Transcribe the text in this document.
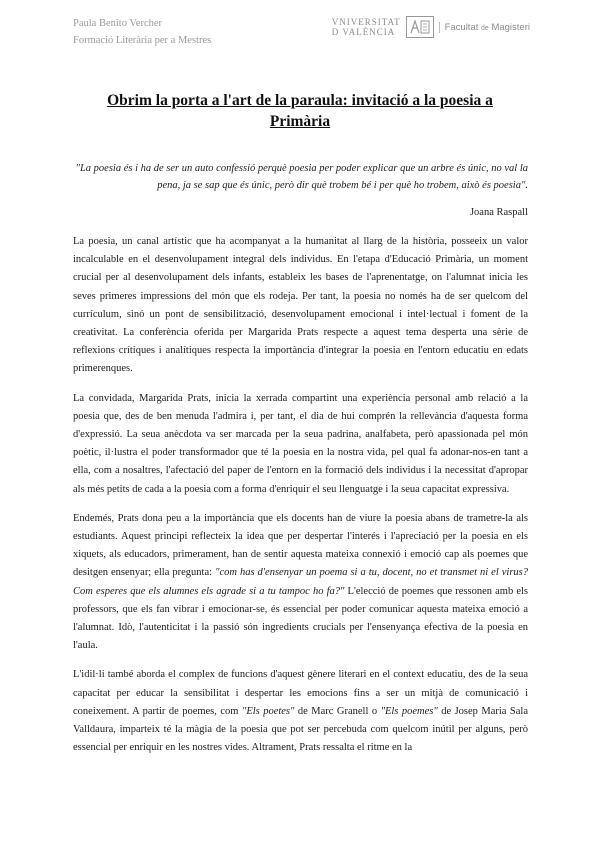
Paula Benito Vercher
Formació Literària per a Mestres
VNIVERSITAT
D VALÈNCIA	Facultat de Magisteri
Obrim la porta a l'art de la paraula: invitació a la poesia a Primària
"La poesia és i ha de ser un auto confessió perquè poesia per poder explicar que un arbre és únic, no val la pena, ja se sap que és únic, però dir què trobem bé i per què ho trobem, això és poesia".
Joana Raspall

La poesia, un canal artístic que ha acompanyat a la humanitat al llarg de la història, posseeix un valor incalculable en el desenvolupament integral dels individus. En l'etapa d'Educació Primària, un moment crucial per al desenvolupament dels infants, estableix les bases de l'aprenentatge, on l'alumnat inicia les seves primeres impressions del món que els rodeja. Per tant, la poesia no només ha de ser quelcom del currículum, sinó un pont de sensibilització, desenvolupament emocional i intel·lectual i foment de la creativitat. La conferència oferida per Margarida Prats respecte a aquest tema desperta una sèrie de reflexions crítiques i analítiques respecta la importància d'integrar la poesia en l'entorn educatiu en edats primerenques.

La convidada, Margarida Prats, inicia la xerrada compartint una experiència personal amb relació a la poesia que, des de ben menuda l'admira i, per tant, el dia de hui comprén la rellevància d'aquesta forma d'expressió. La seua anècdota va ser marcada per la seua padrina, analfabeta, però apassionada pel món poètic, il·lustra el poder transformador que té la poesia en la nostra vida, pel qual fa adonar-nos-en tant a ella, com a nosaltres, l'afectació del paper de l'entorn en la formació dels individus i la necessitat d'apropar als més petits de cada a la poesia com a forma d'enriquir el seu llenguatge i la seua capacitat expressiva.

Endemés, Prats dona peu a la importància que els docents han de viure la poesia abans de trametre-la als estudiants. Aquest principi reflecteix la idea que per despertar l'interés i l'apreciació per la poesia en els xiquets, als educadors, primerament, han de sentir aquesta mateixa connexió i emoció cap als poemes que desitgen ensenyar; ella pregunta: "com has d'ensenyar un poema si a tu, docent, no et transmet ni el virus? Com esperes que els alumnes els agrade si a tu tampoc ho fa?" L'elecció de poemes que ressonen amb els professors, que els fan vibrar i emocionar-se, és essencial per poder comunicar aquesta mateixa emoció a l'alumnat. Idò, l'autenticitat i la passió són ingredients crucials per l'ensenyança efectiva de la poesia en l'aula.

L'idil·li també aborda el complex de funcions d'aquest gènere literari en el context educatiu, des de la seua capacitat per educar la sensibilitat i despertar les emocions fins a ser un mitjà de comunicació i coneixement. A partir de poemes, com "Els poetes" de Marc Granell o "Els poemes" de Josep Maria Sala Valldaura, imparteix té la màgia de la poesia que pot ser percebuda com quelcom inútil per alguns, però essencial per enriquir en les nostres vides. Altrament, Prats ressalta el ritme en la
